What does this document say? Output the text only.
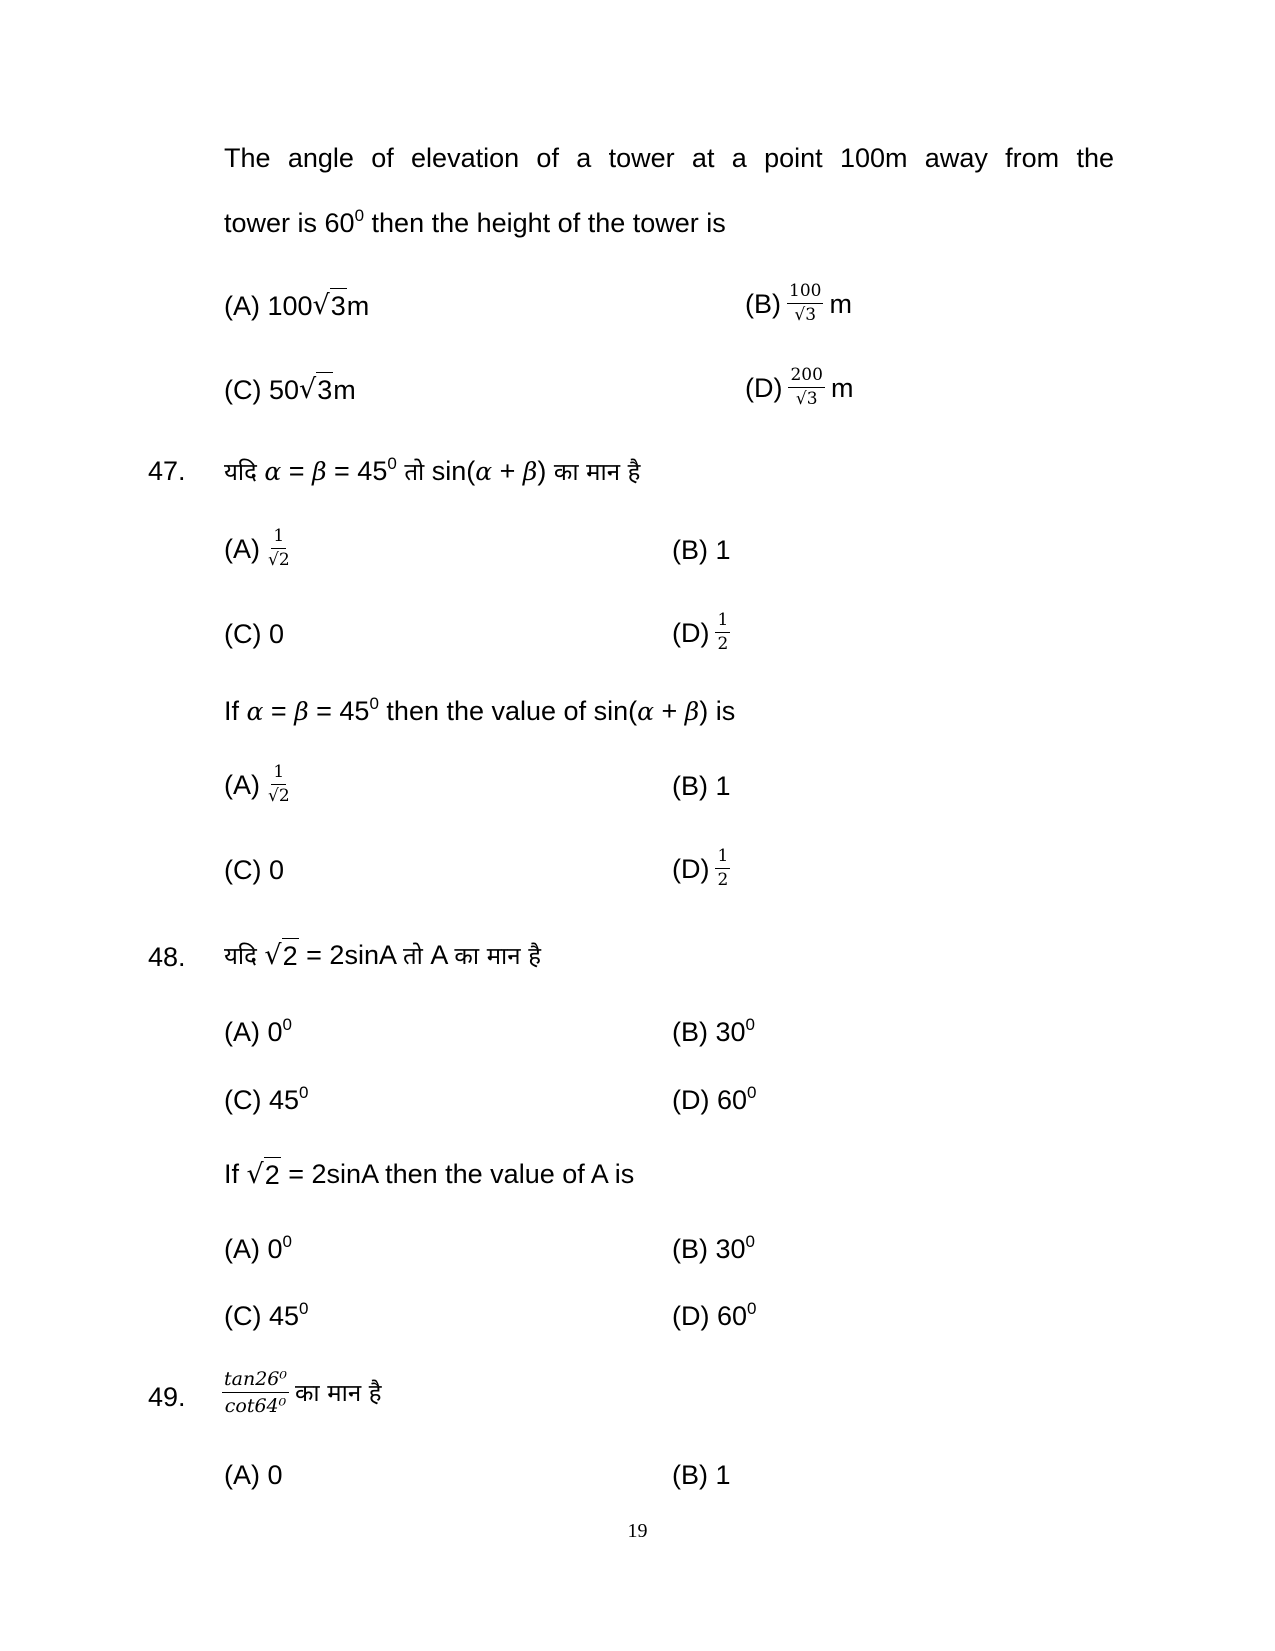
The angle of elevation of a tower at a point 100m away from the
tower is $60^0$ then the height of the tower is
(A) 100 √ 3 m	$(B) \frac{100}{√3}$ m
(C) 50 √ 3 m	$(D) \frac{200}{√3}$ m
47. यदि $\alpha = \beta = 45^0$ तो sin(α + β) का मान है
$(A) \frac{1}{√2}$	(B) 1
(C) 0	$(D) \frac{1}{2}$
If $\alpha = \beta = 45^0$ then the value of sin(α + β) is
$(A) \frac{1}{√2}$	(B) 1
(C) 0	$(D) \frac{1}{2}$
48. यदि √ 2 = 2sinA तो A का मान है
(A) $0^0$	(B) $30^0$
(C) $45^0$	(D) $60^0$
If √ 2 = 2sinA then the value of A is
(A) $0^0$	(B) $30^0$
(C) $45^0$	(D) $60^0$
49. $\frac{\text{tan26⁰}}{\text{cot64⁰}}$ का मान है
(A) 0	(B) 1
19
